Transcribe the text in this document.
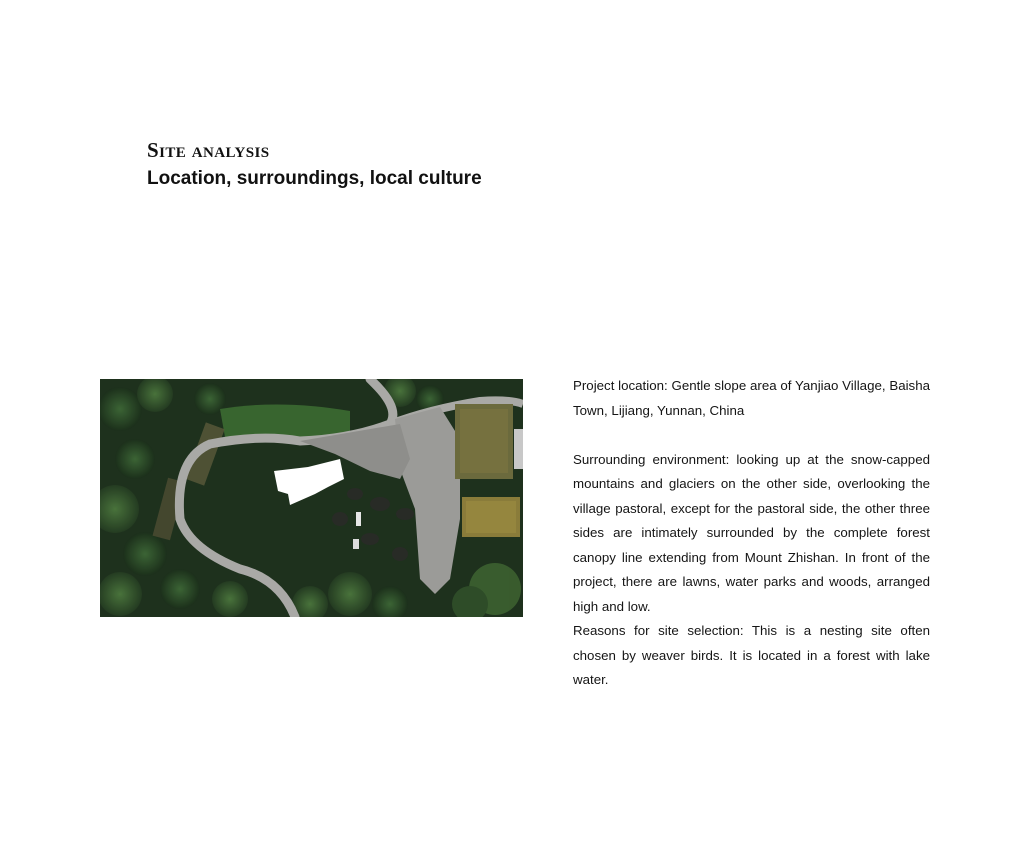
Site analysis
Location, surroundings, local culture

Project location: Gentle slope area of Yanjiao Village, Baisha Town, Lijiang, Yunnan, China

Surrounding environment: looking up at the snow-capped mountains and glaciers on the other side, overlooking the village pastoral, except for the pastoral side, the other three sides are intimately surrounded by the complete forest canopy line extending from Mount Zhishan. In front of the project, there are lawns, water parks and woods, arranged high and low.

Reasons for site selection: This is a nesting site often chosen by weaver birds. It is located in a forest with lake water.
